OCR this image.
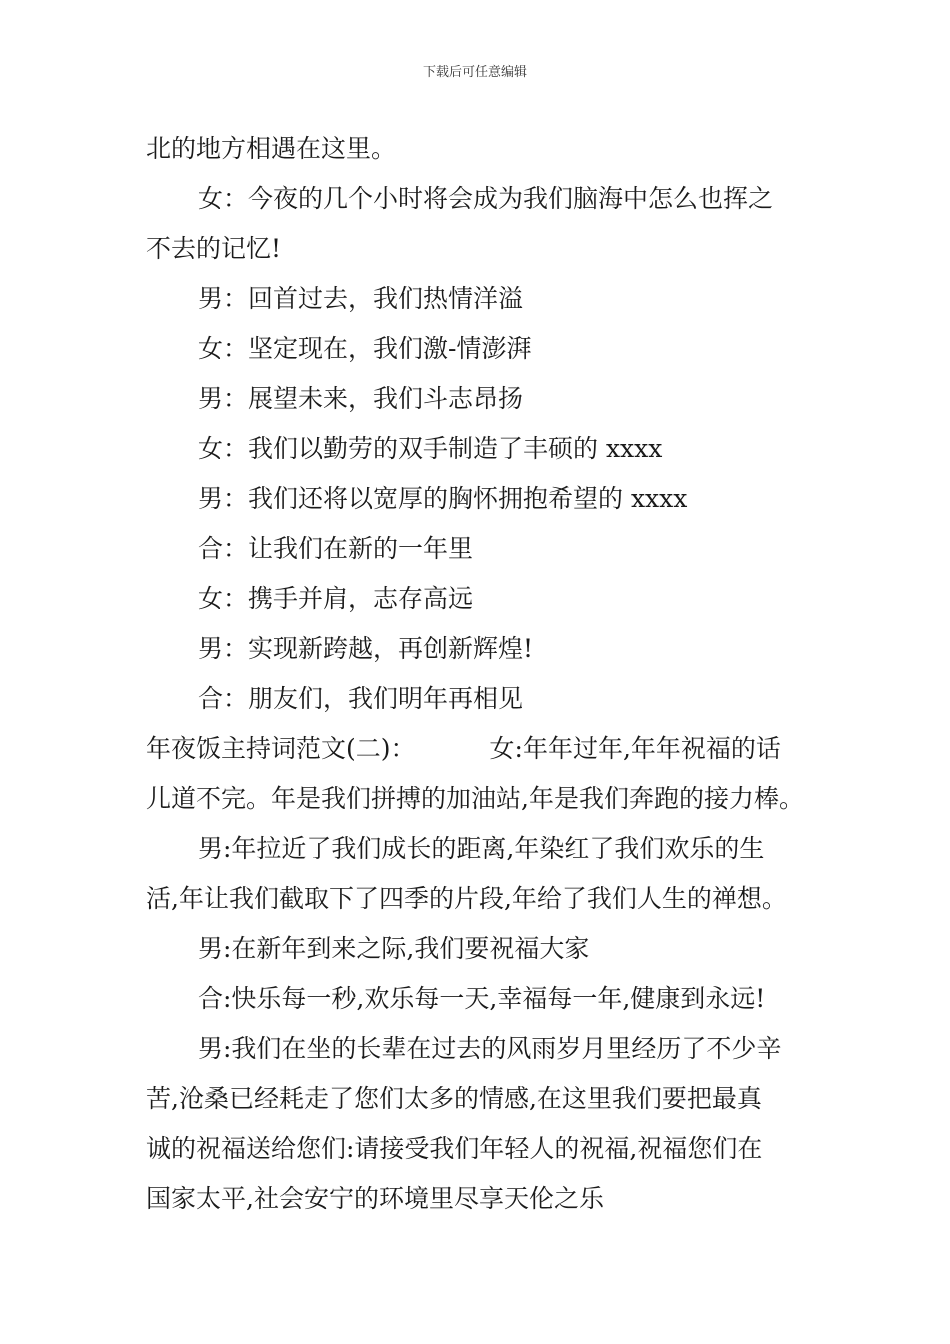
下载后可任意编辑
北的地方相遇在这里。
女：今夜的几个小时将会成为我们脑海中怎么也挥之
不去的记忆!
男：回首过去，我们热情洋溢
女：坚定现在，我们激-情澎湃
男：展望未来，我们斗志昂扬
女：我们以勤劳的双手制造了丰硕的 xxxx
男：我们还将以宽厚的胸怀拥抱希望的 xxxx
合：让我们在新的一年里
女：携手并肩，志存高远
男：实现新跨越，再创新辉煌!
合：朋友们，我们明年再相见
年夜饭主持词范文(二)：	女:年年过年,年年祝福的话
儿道不完。年是我们拼搏的加油站,年是我们奔跑的接力棒。
男:年拉近了我们成长的距离,年染红了我们欢乐的生
活,年让我们截取下了四季的片段,年给了我们人生的禅想。
男:在新年到来之际,我们要祝福大家
合:快乐每一秒,欢乐每一天,幸福每一年,健康到永远!
男:我们在坐的长辈在过去的风雨岁月里经历了不少辛
苦,沧桑已经耗走了您们太多的情感,在这里我们要把最真
诚的祝福送给您们:请接受我们年轻人的祝福,祝福您们在
国家太平,社会安宁的环境里尽享天伦之乐
